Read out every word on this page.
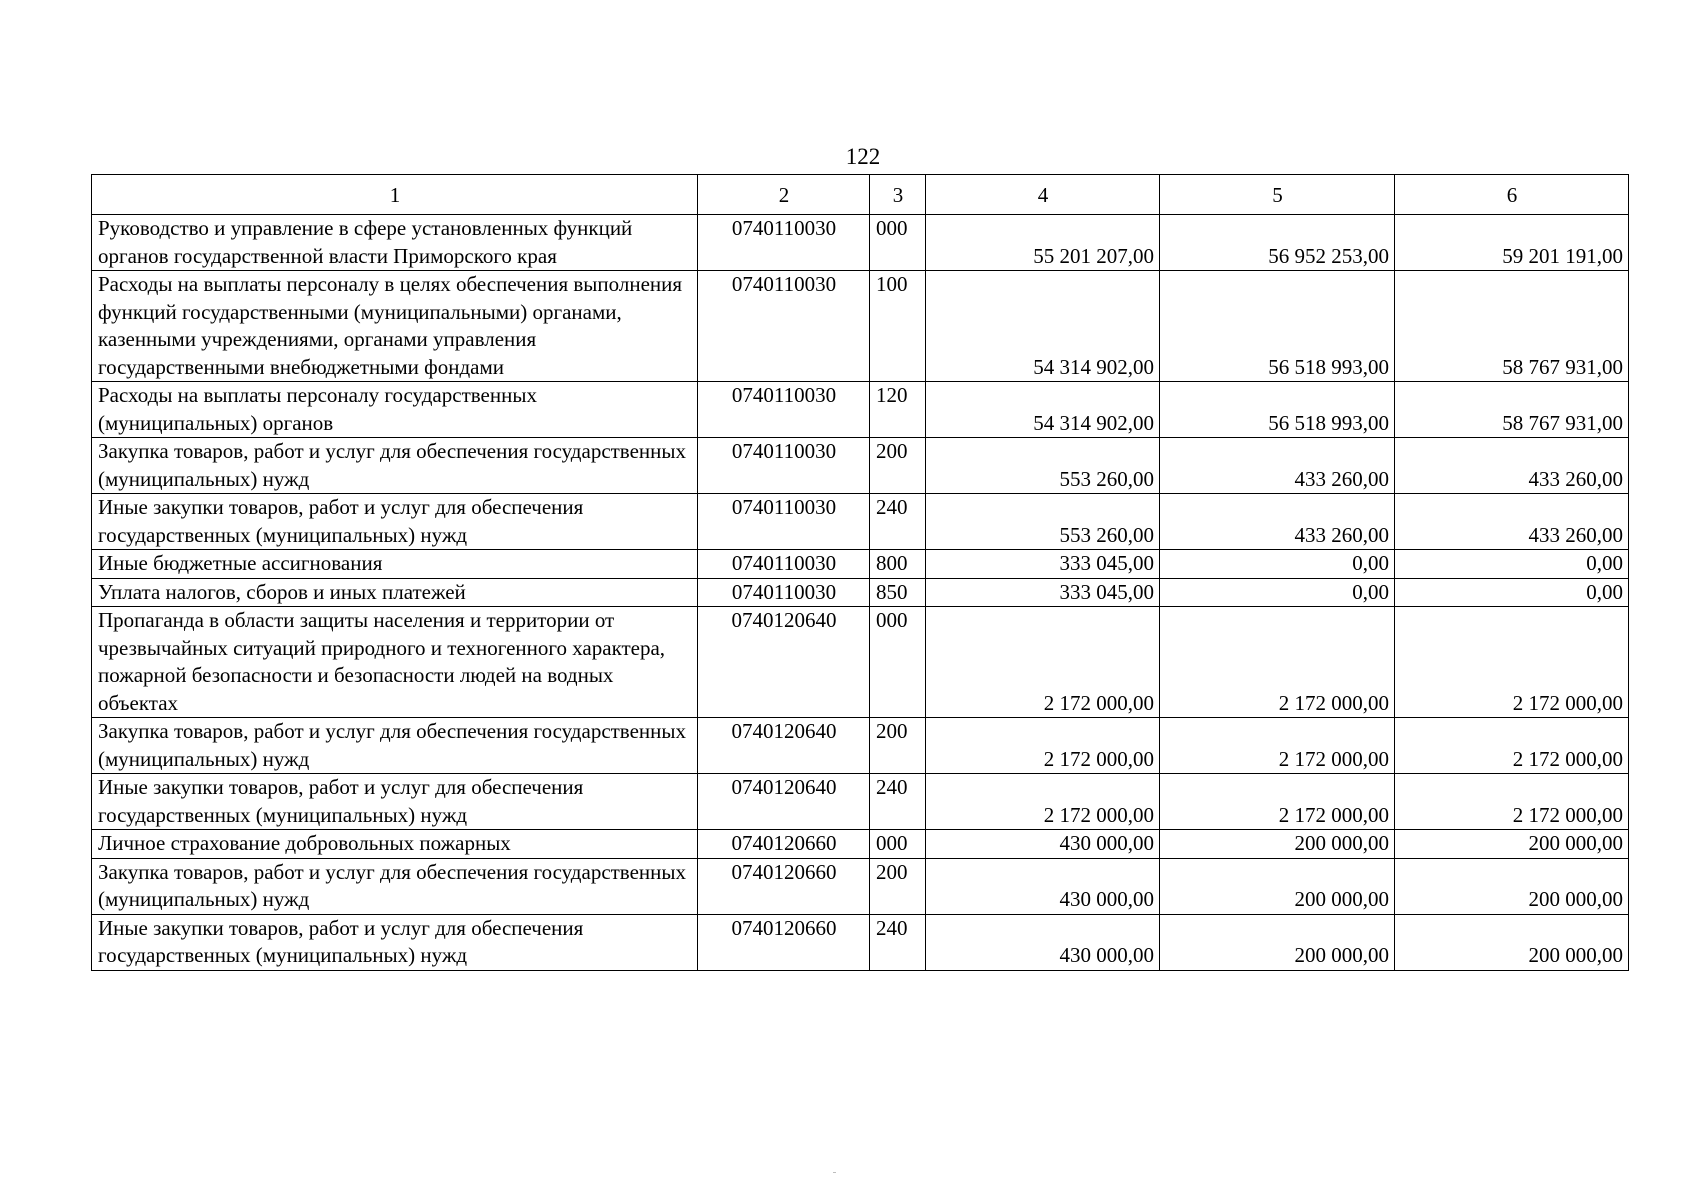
122
1	2	3	4	5	6
Руководство и управление в сфере установленных функций органов государственной власти Приморского края	0740110030	000	55 201 207,00	56 952 253,00	59 201 191,00
Расходы на выплаты персоналу в целях обеспечения выполнения функций государственными (муниципальными) органами, казенными учреждениями, органами управления государственными внебюджетными фондами	0740110030	100	54 314 902,00	56 518 993,00	58 767 931,00
Расходы на выплаты персоналу государственных (муниципальных) органов	0740110030	120	54 314 902,00	56 518 993,00	58 767 931,00
Закупка товаров, работ и услуг для обеспечения государственных (муниципальных) нужд	0740110030	200	553 260,00	433 260,00	433 260,00
Иные закупки товаров, работ и услуг для обеспечения государственных (муниципальных) нужд	0740110030	240	553 260,00	433 260,00	433 260,00
Иные бюджетные ассигнования	0740110030	800	333 045,00	0,00	0,00
Уплата налогов, сборов и иных платежей	0740110030	850	333 045,00	0,00	0,00
Пропаганда в области защиты населения и территории от чрезвычайных ситуаций природного и техногенного характера, пожарной безопасности и безопасности людей на водных объектах	0740120640	000	2 172 000,00	2 172 000,00	2 172 000,00
Закупка товаров, работ и услуг для обеспечения государственных (муниципальных) нужд	0740120640	200	2 172 000,00	2 172 000,00	2 172 000,00
Иные закупки товаров, работ и услуг для обеспечения государственных (муниципальных) нужд	0740120640	240	2 172 000,00	2 172 000,00	2 172 000,00
Личное страхование добровольных пожарных	0740120660	000	430 000,00	200 000,00	200 000,00
Закупка товаров, работ и услуг для обеспечения государственных (муниципальных) нужд	0740120660	200	430 000,00	200 000,00	200 000,00
Иные закупки товаров, работ и услуг для обеспечения государственных (муниципальных) нужд	0740120660	240	430 000,00	200 000,00	200 000,00
